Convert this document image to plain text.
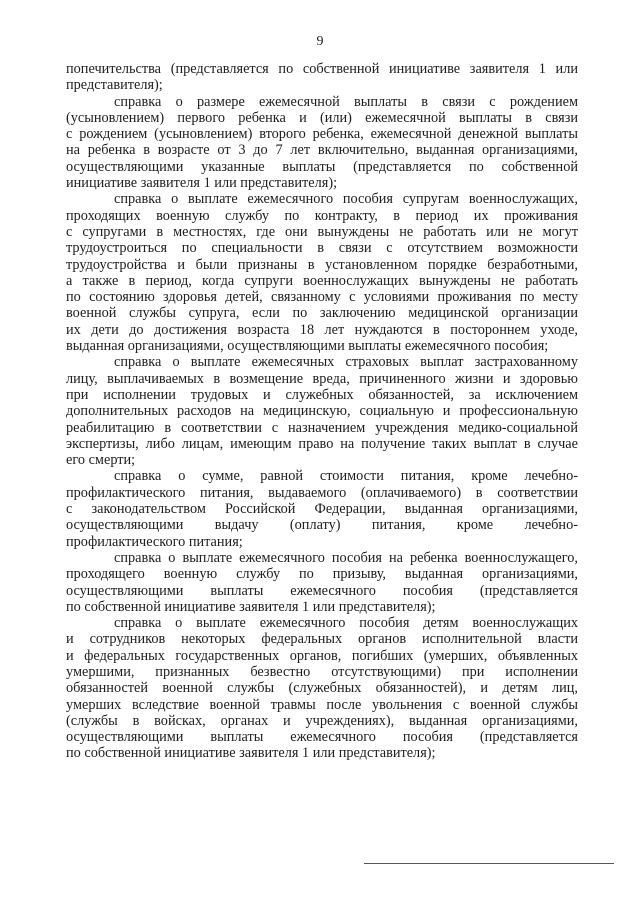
9
попечительства (представляется по собственной инициативе заявителя 1 или
представителя);
справка о размере ежемесячной выплаты в связи с рождением
(усыновлением) первого ребенка и (или) ежемесячной выплаты в связи
с рождением (усыновлением) второго ребенка, ежемесячной денежной выплаты
на ребенка в возрасте от 3 до 7 лет включительно, выданная организациями,
осуществляющими указанные выплаты (представляется по собственной
инициативе заявителя 1 или представителя);
справка о выплате ежемесячного пособия супругам военнослужащих,
проходящих военную службу по контракту, в период их проживания
с супругами в местностях, где они вынуждены не работать или не могут
трудоустроиться по специальности в связи с отсутствием возможности
трудоустройства и были признаны в установленном порядке безработными,
а также в период, когда супруги военнослужащих вынуждены не работать
по состоянию здоровья детей, связанному с условиями проживания по месту
военной службы супруга, если по заключению медицинской организации
их дети до достижения возраста 18 лет нуждаются в постороннем уходе,
выданная организациями, осуществляющими выплаты ежемесячного пособия;
справка о выплате ежемесячных страховых выплат застрахованному
лицу, выплачиваемых в возмещение вреда, причиненного жизни и здоровью
при исполнении трудовых и служебных обязанностей, за исключением
дополнительных расходов на медицинскую, социальную и профессиональную
реабилитацию в соответствии с назначением учреждения медико-социальной
экспертизы, либо лицам, имеющим право на получение таких выплат в случае
его смерти;
справка о сумме, равной стоимости питания, кроме лечебно-
профилактического питания, выдаваемого (оплачиваемого) в соответствии
с законодательством Российской Федерации, выданная организациями,
осуществляющими выдачу (оплату) питания, кроме лечебно-
профилактического питания;
справка о выплате ежемесячного пособия на ребенка военнослужащего,
проходящего военную службу по призыву, выданная организациями,
осуществляющими выплаты ежемесячного пособия (представляется
по собственной инициативе заявителя 1 или представителя);
справка о выплате ежемесячного пособия детям военнослужащих
и сотрудников некоторых федеральных органов исполнительной власти
и федеральных государственных органов, погибших (умерших, объявленных
умершими, признанных безвестно отсутствующими) при исполнении
обязанностей военной службы (служебных обязанностей), и детям лиц,
умерших вследствие военной травмы после увольнения с военной службы
(службы в войсках, органах и учреждениях), выданная организациями,
осуществляющими выплаты ежемесячного пособия (представляется
по собственной инициативе заявителя 1 или представителя);
